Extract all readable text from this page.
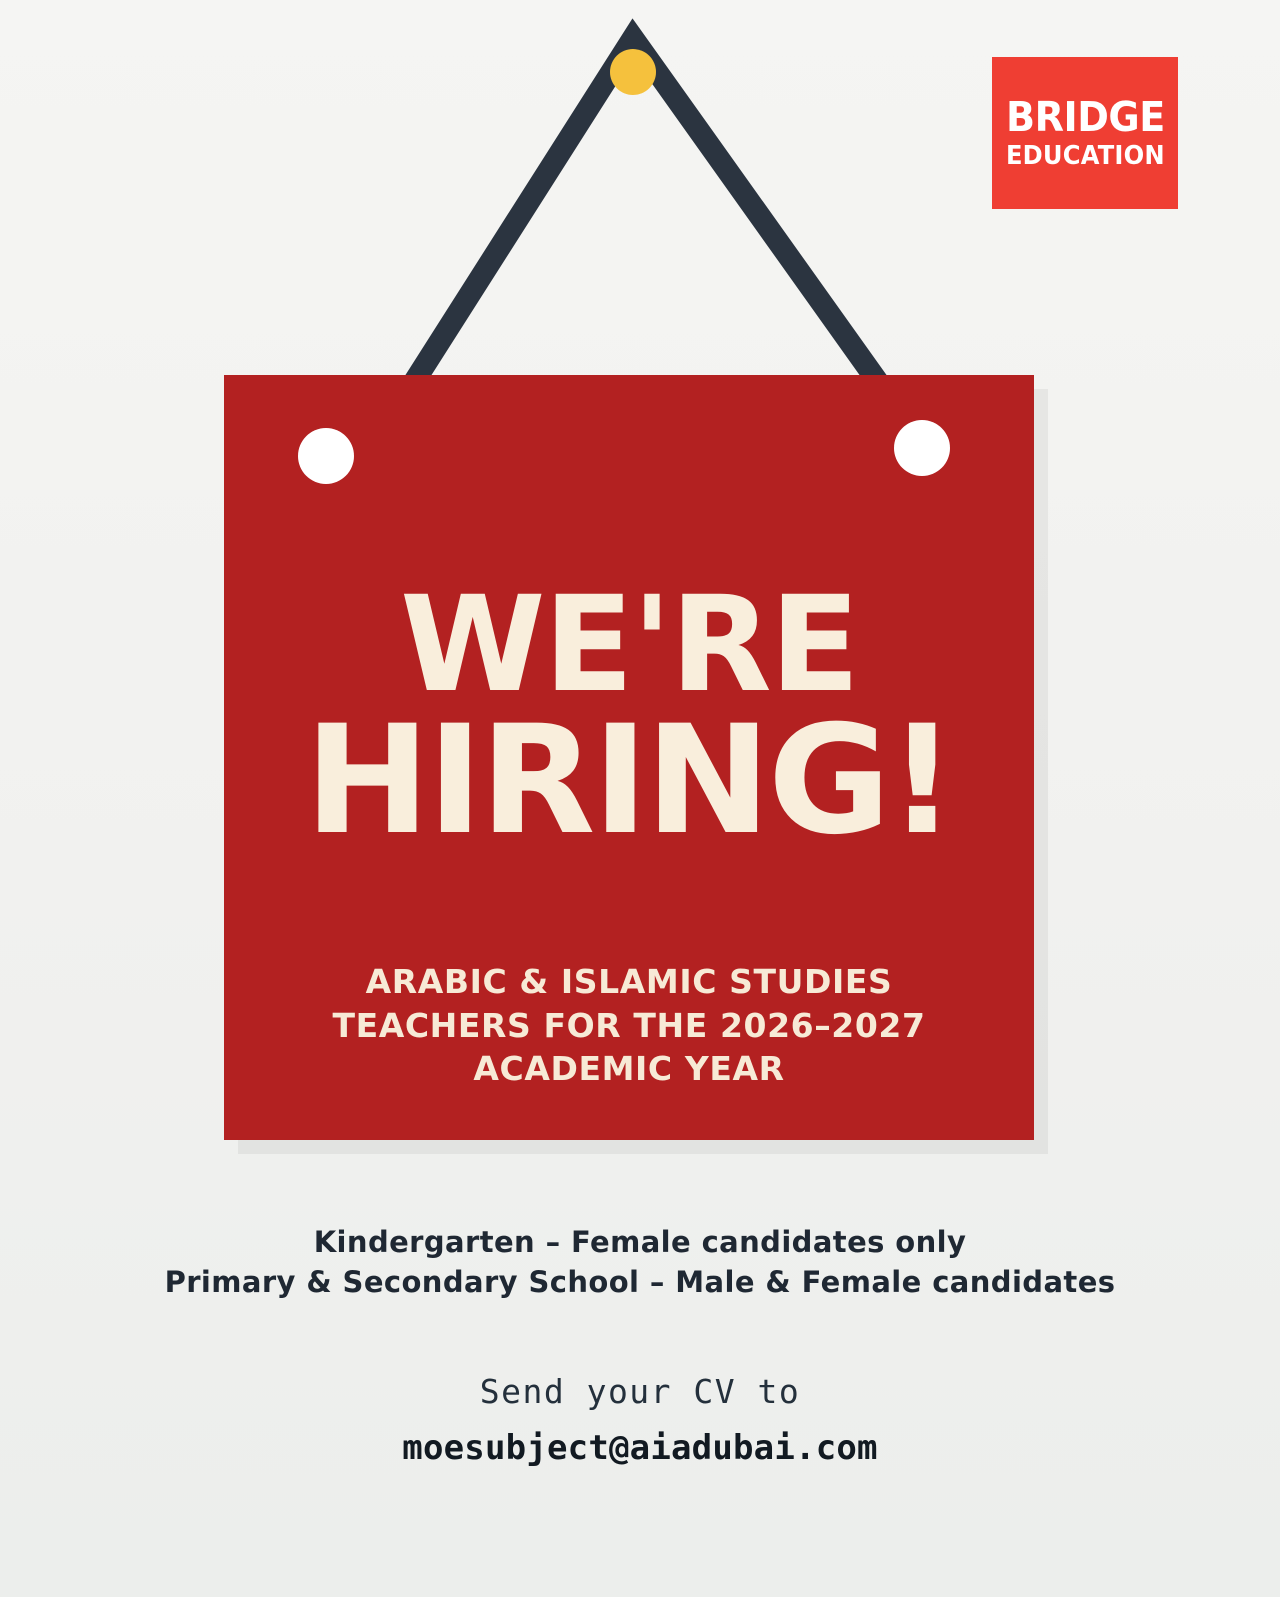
BRIDGE
EDUCATION
WE'RE
HIRING!
ARABIC & ISLAMIC STUDIES
TEACHERS FOR THE 2026–2027
ACADEMIC YEAR
Kindergarten – Female candidates only
Primary & Secondary School – Male & Female candidates
Send your CV to
moesubject@aiadubai.com
